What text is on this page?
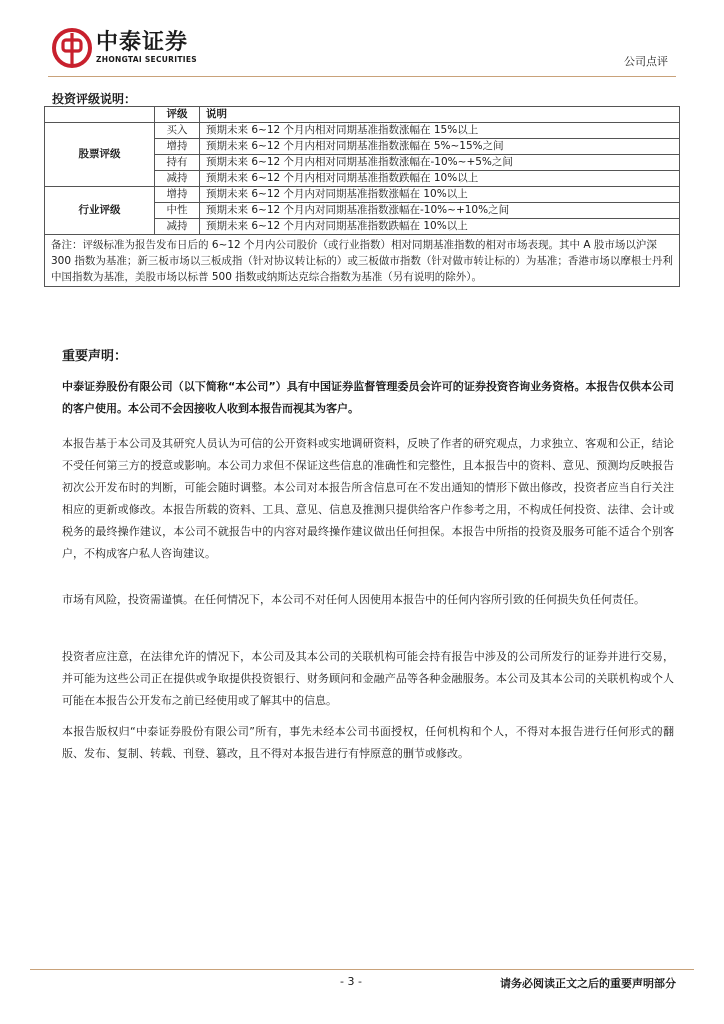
中泰证券
ZHONGTAI SECURITIES	公司点评
投资评级说明：
	评级	说明
股票评级	买入	预期未来 6~12 个月内相对同期基准指数涨幅在 15%以上
	增持	预期未来 6~12 个月内相对同期基准指数涨幅在 5%~15%之间
	持有	预期未来 6~12 个月内相对同期基准指数涨幅在-10%~+5%之间
	减持	预期未来 6~12 个月内相对同期基准指数跌幅在 10%以上
行业评级	增持	预期未来 6~12 个月内对同期基准指数涨幅在 10%以上
	中性	预期未来 6~12 个月内对同期基准指数涨幅在-10%~+10%之间
	减持	预期未来 6~12 个月内对同期基准指数跌幅在 10%以上
备注：评级标准为报告发布日后的 6~12 个月内公司股价（或行业指数）相对同期基准指数的相对市场表现。其中 A 股市场以沪深 300 指数为基准；新三板市场以三板成指（针对协议转让标的）或三板做市指数（针对做市转让标的）为基准；香港市场以摩根士丹利中国指数为基准，美股市场以标普 500 指数或纳斯达克综合指数为基准（另有说明的除外）。		
重要声明：
中泰证券股份有限公司（以下简称“本公司”）具有中国证券监督管理委员会许可的证券投资咨询业务资格。本报告仅供本公司的客户使用。本公司不会因接收人收到本报告而视其为客户。
本报告基于本公司及其研究人员认为可信的公开资料或实地调研资料，反映了作者的研究观点，力求独立、客观和公正，结论不受任何第三方的授意或影响。本公司力求但不保证这些信息的准确性和完整性，且本报告中的资料、意见、预测均反映报告初次公开发布时的判断，可能会随时调整。本公司对本报告所含信息可在不发出通知的情形下做出修改，投资者应当自行关注相应的更新或修改。本报告所载的资料、工具、意见、信息及推测只提供给客户作参考之用，不构成任何投资、法律、会计或税务的最终操作建议，本公司不就报告中的内容对最终操作建议做出任何担保。本报告中所指的投资及服务可能不适合个别客户，不构成客户私人咨询建议。
市场有风险，投资需谨慎。在任何情况下，本公司不对任何人因使用本报告中的任何内容所引致的任何损失负任何责任。
投资者应注意，在法律允许的情况下，本公司及其本公司的关联机构可能会持有报告中涉及的公司所发行的证券并进行交易，并可能为这些公司正在提供或争取提供投资银行、财务顾问和金融产品等各种金融服务。本公司及其本公司的关联机构或个人可能在本报告公开发布之前已经使用或了解其中的信息。
本报告版权归“中泰证券股份有限公司”所有，事先未经本公司书面授权，任何机构和个人，不得对本报告进行任何形式的翻版、发布、复制、转载、刊登、篡改，且不得对本报告进行有悖原意的删节或修改。
- 3 -	请务必阅读正文之后的重要声明部分
